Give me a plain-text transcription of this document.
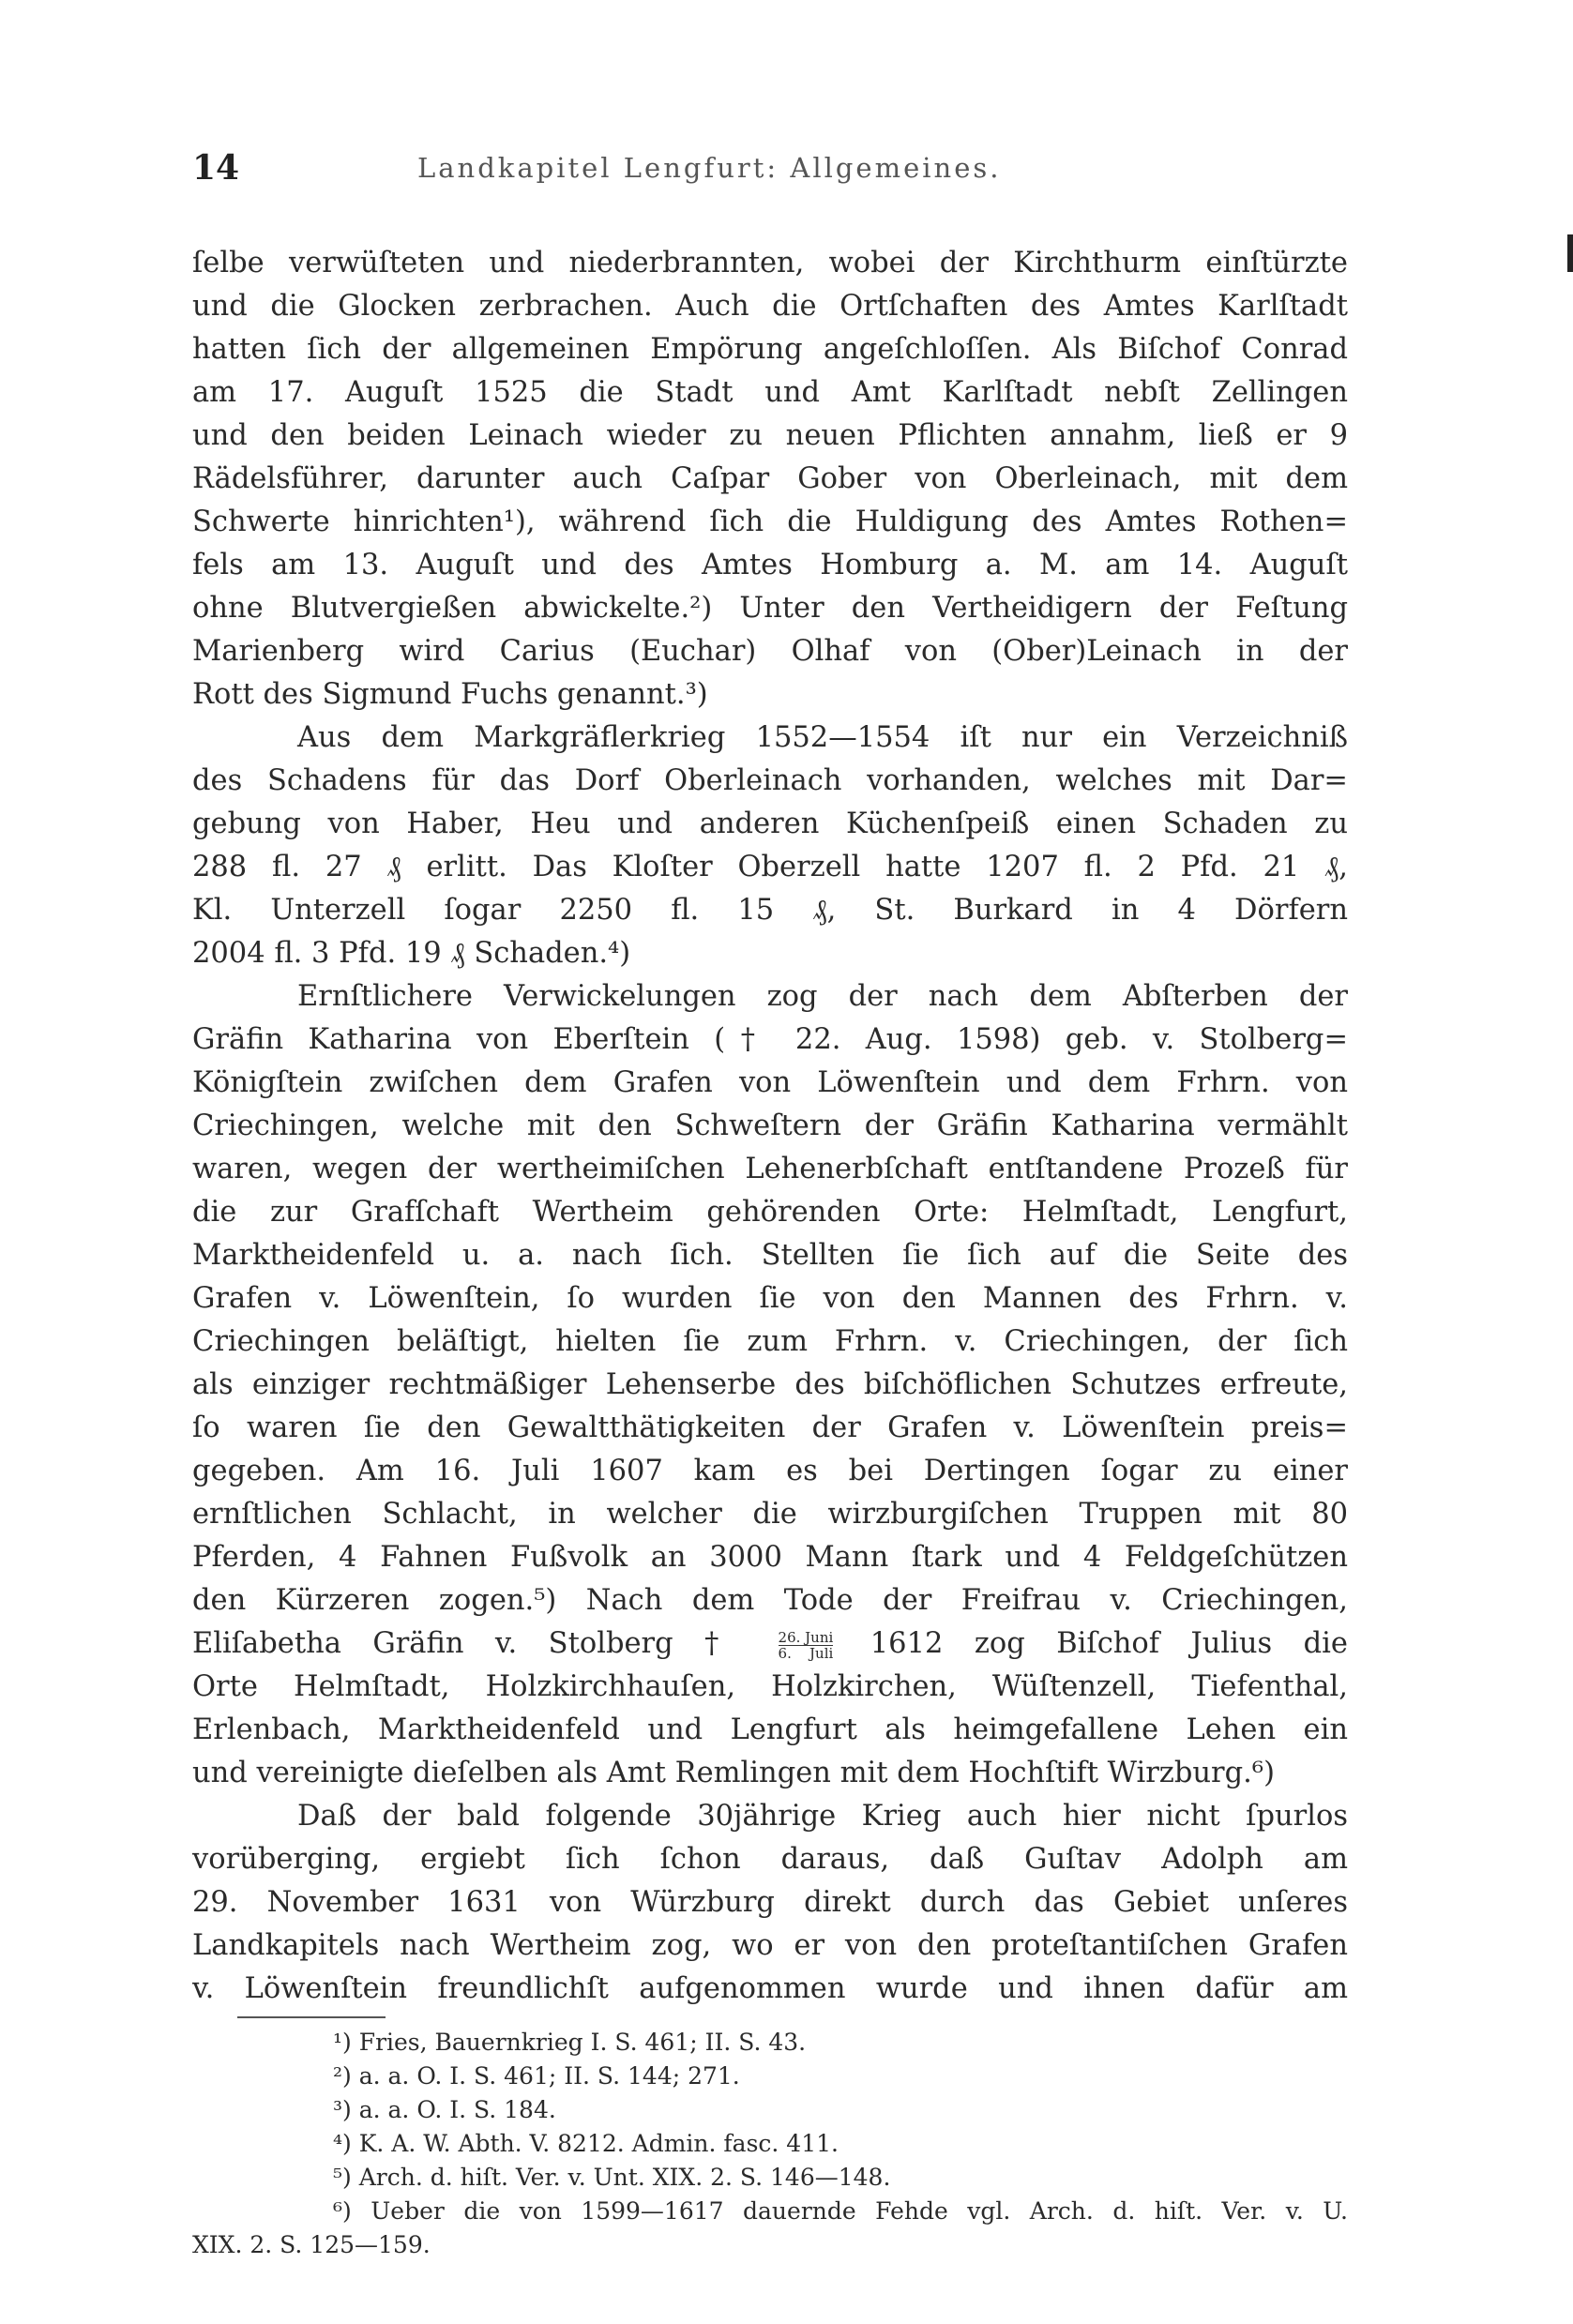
14	Landkapitel Lengfurt: Allgemeines.
ſelbe verwüſteten und niederbrannten, wobei der Kirchthurm einſtürzte
und die Glocken zerbrachen. Auch die Ortſchaften des Amtes Karlſtadt
hatten ſich der allgemeinen Empörung angeſchloſſen. Als Biſchof Conrad
am 17. Auguſt 1525 die Stadt und Amt Karlſtadt nebſt Zellingen
und den beiden Leinach wieder zu neuen Pflichten annahm, ließ er 9
Rädelsführer, darunter auch Caſpar Gober von Oberleinach, mit dem
Schwerte hinrichten¹), während ſich die Huldigung des Amtes Rothen=
fels am 13. Auguſt und des Amtes Homburg a. M. am 14. Auguſt
ohne Blutvergießen abwickelte.²) Unter den Vertheidigern der Feſtung
Marienberg wird Carius (Euchar) Olhaf von (Ober)Leinach in der
Rott des Sigmund Fuchs genannt.³)
Aus dem Markgräflerkrieg 1552—1554 iſt nur ein Verzeichniß
des Schadens für das Dorf Oberleinach vorhanden, welches mit Dar=
gebung von Haber, Heu und anderen Küchenſpeiß einen Schaden zu
288 fl. 27 ₰ erlitt. Das Kloſter Oberzell hatte 1207 fl. 2 Pfd. 21 ₰,
Kl. Unterzell ſogar 2250 fl. 15 ₰, St. Burkard in 4 Dörfern
2004 fl. 3 Pfd. 19 ₰ Schaden.⁴)
Ernſtlichere Verwickelungen zog der nach dem Abſterben der
Gräfin Katharina von Eberſtein († 22. Aug. 1598) geb. v. Stolberg=
Königſtein zwiſchen dem Grafen von Löwenſtein und dem Frhrn. von
Criechingen, welche mit den Schweſtern der Gräfin Katharina vermählt
waren, wegen der wertheimiſchen Lehenerbſchaft entſtandene Prozeß für
die zur Grafſchaft Wertheim gehörenden Orte: Helmſtadt, Lengfurt,
Marktheidenfeld u. a. nach ſich. Stellten ſie ſich auf die Seite des
Grafen v. Löwenſtein, ſo wurden ſie von den Mannen des Frhrn. v.
Criechingen beläſtigt, hielten ſie zum Frhrn. v. Criechingen, der ſich
als einziger rechtmäßiger Lehenserbe des biſchöflichen Schutzes erfreute,
ſo waren ſie den Gewaltthätigkeiten der Grafen v. Löwenſtein preis=
gegeben. Am 16. Juli 1607 kam es bei Dertingen ſogar zu einer
ernſtlichen Schlacht, in welcher die wirzburgiſchen Truppen mit 80
Pferden, 4 Fahnen Fußvolk an 3000 Mann ſtark und 4 Feldgeſchützen
den Kürzeren zogen.⁵) Nach dem Tode der Freifrau v. Criechingen,
Eliſabetha Gräfin v. Stolberg †	$\frac{\text{26. Juni}}{\text{6. Juli}} 1612$ zog Biſchof Julius die
Orte Helmſtadt, Holzkirchhauſen, Holzkirchen, Wüſtenzell, Tiefenthal,
Erlenbach, Marktheidenfeld und Lengfurt als heimgefallene Lehen ein
und vereinigte dieſelben als Amt Remlingen mit dem Hochſtift Wirzburg.⁶)
Daß der bald folgende 30jährige Krieg auch hier nicht ſpurlos
vorüberging, ergiebt ſich ſchon daraus, daß Guſtav Adolph am
29. November 1631 von Würzburg direkt durch das Gebiet unſeres
Landkapitels nach Wertheim zog, wo er von den proteſtantiſchen Grafen
v. Löwenſtein freundlichſt aufgenommen wurde und ihnen dafür am
¹) Fries, Bauernkrieg I. S. 461; II. S. 43.
²) a. a. O. I. S. 461; II. S. 144; 271.
³) a. a. O. I. S. 184.
⁴) K. A. W. Abth. V. 8212. Admin. fasc. 411.
⁵) Arch. d. hiſt. Ver. v. Unt. XIX. 2. S. 146—148.
⁶) Ueber die von 1599—1617 dauernde Fehde vgl. Arch. d. hiſt. Ver. v. U.
XIX. 2. S. 125—159.
